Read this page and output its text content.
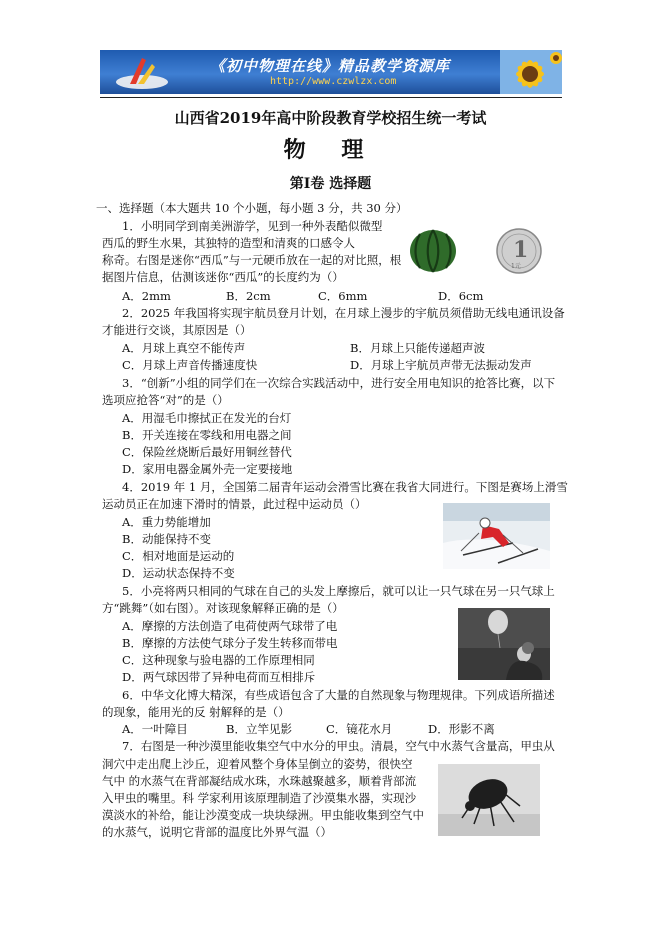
《初中物理在线》精品教学资源库
http://www.czwlzx.com
山西省2019年高中阶段教育学校招生统一考试
物 理
第Ⅰ卷 选择题
一、选择题（本大题共 10 个小题，每小题 3 分，共 30 分）
1．小明同学到南美洲游学，见到一种外表酷似微型
西瓜的野生水果，其独特的造型和清爽的口感令人
称奇。右图是迷你“西瓜”与一元硬币放在一起的对比照，根
据图片信息，估测该迷你“西瓜”的长度约为（）
A．2mm	B．2cm	C．6mm	D．6cm
1
1元
2．2025 年我国将实现宇航员登月计划，在月球上漫步的宇航员须借助无线电通讯设备
才能进行交谈，其原因是（）
A．月球上真空不能传声	B．月球上只能传递超声波
C．月球上声音传播速度快	D．月球上宇航员声带无法振动发声
3．“创新”小组的同学们在一次综合实践活动中，进行安全用电知识的抢答比赛，以下
选项应抢答“对”的是（）
A．用湿毛巾擦拭正在发光的台灯
B．开关连接在零线和用电器之间
C．保险丝烧断后最好用铜丝替代
D．家用电器金属外壳一定要接地
4．2019 年 1 月，全国第二届青年运动会滑雪比赛在我省大同进行。下图是赛场上滑雪
运动员正在加速下滑时的情景，此过程中运动员（）
A．重力势能增加
B．动能保持不变
C．相对地面是运动的
D．运动状态保持不变
5．小亮将两只相同的气球在自己的头发上摩擦后，就可以让一只气球在另一只气球上
方“跳舞”（如右图）。对该现象解释正确的是（）
A．摩擦的方法创造了电荷使两气球带了电
B．摩擦的方法使气球分子发生转移而带电
C．这种现象与验电器的工作原理相同
D．两气球因带了异种电荷而互相排斥
6．中华文化博大精深，有些成语包含了大量的自然现象与物理规律。下列成语所描述
的现象，能用光的反 射解释的是（）
A．一叶障目	B．立竿见影	C．镜花水月	D．形影不离
7．右图是一种沙漠里能收集空气中水分的甲虫。清晨，空气中水蒸气含量高，甲虫从
洞穴中走出爬上沙丘，迎着风整个身体呈倒立的姿势，很快空
气中 的水蒸气在背部凝结成水珠，水珠越聚越多，顺着背部流
入甲虫的嘴里。科 学家利用该原理制造了沙漠集水器，实现沙
漠淡水的补给，能让沙漠变成一块块绿洲。甲虫能收集到空气中
的水蒸气，说明它背部的温度比外界气温（）
